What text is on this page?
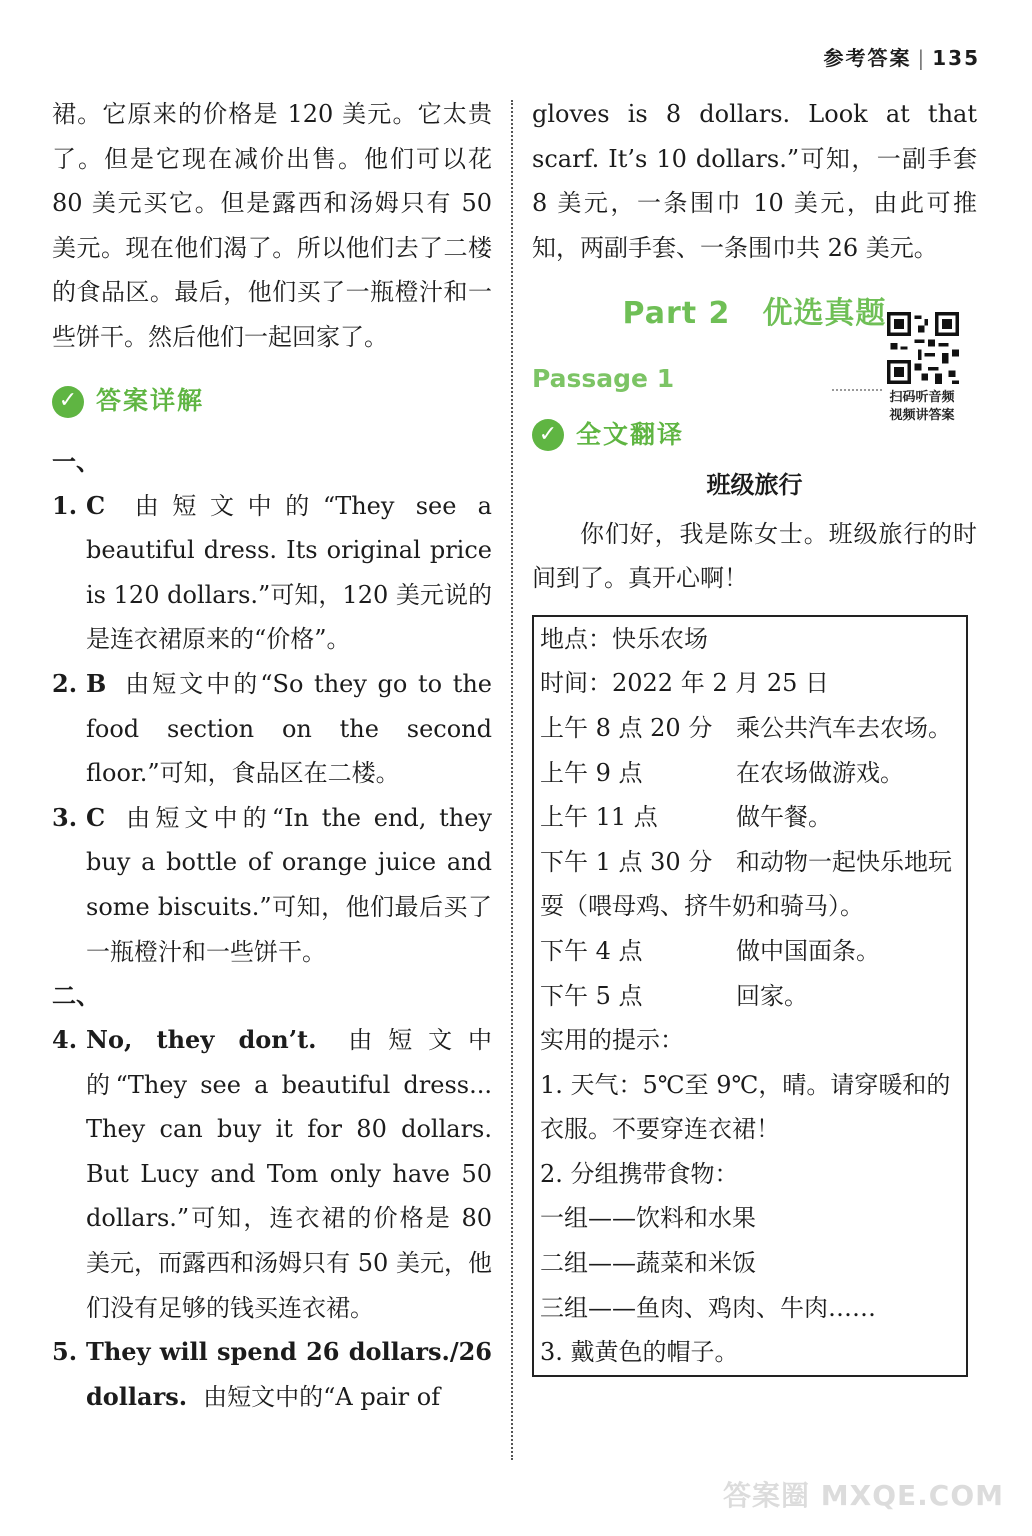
参考答案 | 135

裙。它原来的价格是 120 美元。它太贵了。但是它现在减价出售。他们可以花 80 美元买它。但是露西和汤姆只有 50 美元。现在他们渴了。所以他们去了二楼的食品区。最后，他们买了一瓶橙汁和一些饼干。然后他们一起回家了。

✓ 答案详解
一、
1. C 由短文中的“They see a beautiful dress. Its original price is 120 dollars.”可知，120 美元说的是连衣裙原来的“价格”。
2. B 由短文中的“So they go to the food section on the second floor.”可知，食品区在二楼。
3. C 由短文中的“In the end, they buy a bottle of orange juice and some biscuits.”可知，他们最后买了一瓶橙汁和一些饼干。
二、
4. No, they don’t. 由短文中的“They see a beautiful dress... They can buy it for 80 dollars. But Lucy and Tom only have 50 dollars.”可知，连衣裙的价格是 80 美元，而露西和汤姆只有 50 美元，他们没有足够的钱买连衣裙。
5. They will spend 26 dollars./26 dollars. 由短文中的“A pair of

gloves is 8 dollars. Look at that scarf. It’s 10 dollars.”可知，一副手套 8 美元，一条围巾 10 美元，由此可推知，两副手套、一条围巾共 26 美元。

Part 2 优选真题
Passage 1
扫码听音频
视频讲答案
✓ 全文翻译
班级旅行

你们好，我是陈女士。班级旅行的时间到了。真开心啊！

地点：快乐农场
时间：2022 年 2 月 25 日
上午 8 点 20 分 乘公共汽车去农场。
上午 9 点	在农场做游戏。
上午 11 点	做午餐。
下午 1 点 30 分 和动物一起快乐地玩耍（喂母鸡、挤牛奶和骑马）。
下午 4 点	做中国面条。
下午 5 点	回家。
实用的提示：
1. 天气：5℃至 9℃，晴。请穿暖和的衣服。不要穿连衣裙！
2. 分组携带食物：
一组——饮料和水果
二组——蔬菜和米饭
三组——鱼肉、鸡肉、牛肉……
3. 戴黄色的帽子。
答案圈 MXQE.COM
